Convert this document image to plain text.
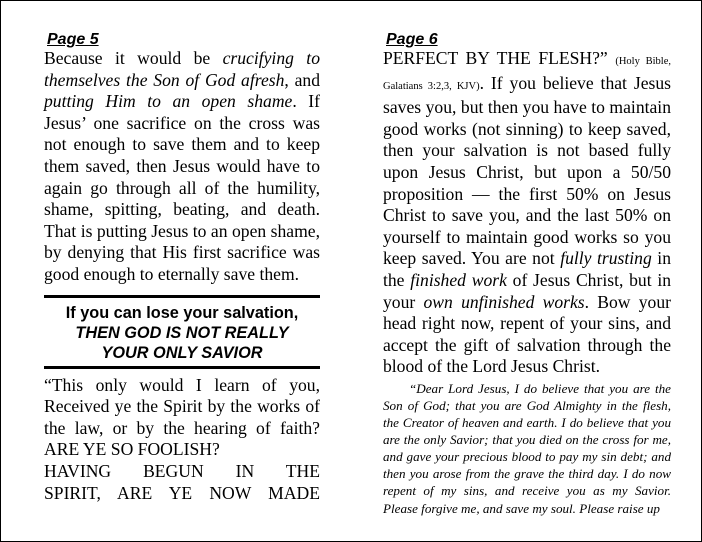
Page 5

Because it would be crucifying to themselves the Son of God afresh, and putting Him to an open shame. If Jesus’ one sacrifice on the cross was not enough to save them and to keep them saved, then Jesus would have to again go through all of the humility, shame, spitting, beating, and death. That is putting Jesus to an open shame, by denying that His first sacrifice was good enough to eternally save them.

If you can lose your salvation,
THEN GOD IS NOT REALLY
YOUR ONLY SAVIOR

“This only would I learn of you, Received ye the Spirit by the works of the law, or by the hearing of faith? ARE YE SO FOOLISH?

HAVING BEGUN IN THE

SPIRIT, ARE YE NOW MADE

Page 6

PERFECT BY THE FLESH?” (Holy Bible, Galatians 3:2,3, KJV). If you believe that Jesus saves you, but then you have to maintain good works (not sinning) to keep saved, then your salvation is not based fully upon Jesus Christ, but upon a 50/50 proposition — the first 50% on Jesus Christ to save you, and the last 50% on yourself to maintain good works so you keep saved. You are not fully trusting in the finished work of Jesus Christ, but in your own unfinished works. Bow your head right now, repent of your sins, and accept the gift of salvation through the blood of the Lord Jesus Christ.

“Dear Lord Jesus, I do believe that you are the Son of God; that you are God Almighty in the flesh, the Creator of heaven and earth. I do believe that you are the only Savior; that you died on the cross for me, and gave your precious blood to pay my sin debt; and then you arose from the grave the third day. I do now repent of my sins, and receive you as my Savior. Please forgive me, and save my soul. Please raise up
